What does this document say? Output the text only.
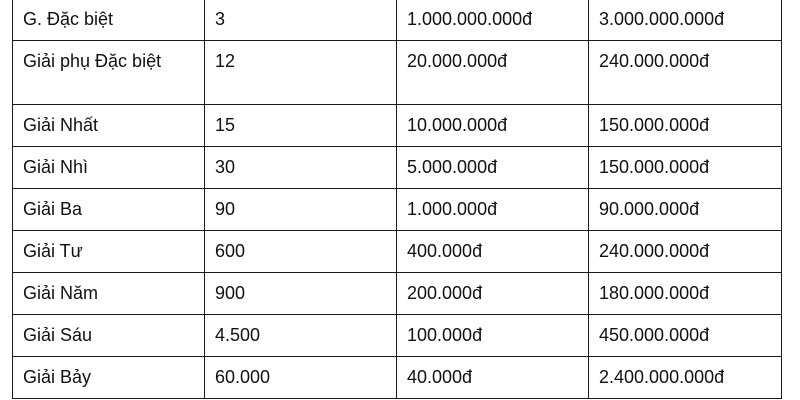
G. Đặc biệt	3	1.000.000.000đ	3.000.000.000đ

Giải phụ Đặc biệt	12	20.000.000đ	240.000.000đ

Giải Nhất	15	10.000.000đ	150.000.000đ

Giải Nhì	30	5.000.000đ	150.000.000đ

Giải Ba	90	1.000.000đ	90.000.000đ

Giải Tư	600	400.000đ	240.000.000đ

Giải Năm	900	200.000đ	180.000.000đ

Giải Sáu	4.500	100.000đ	450.000.000đ

Giải Bảy	60.000	40.000đ	2.400.000.000đ
